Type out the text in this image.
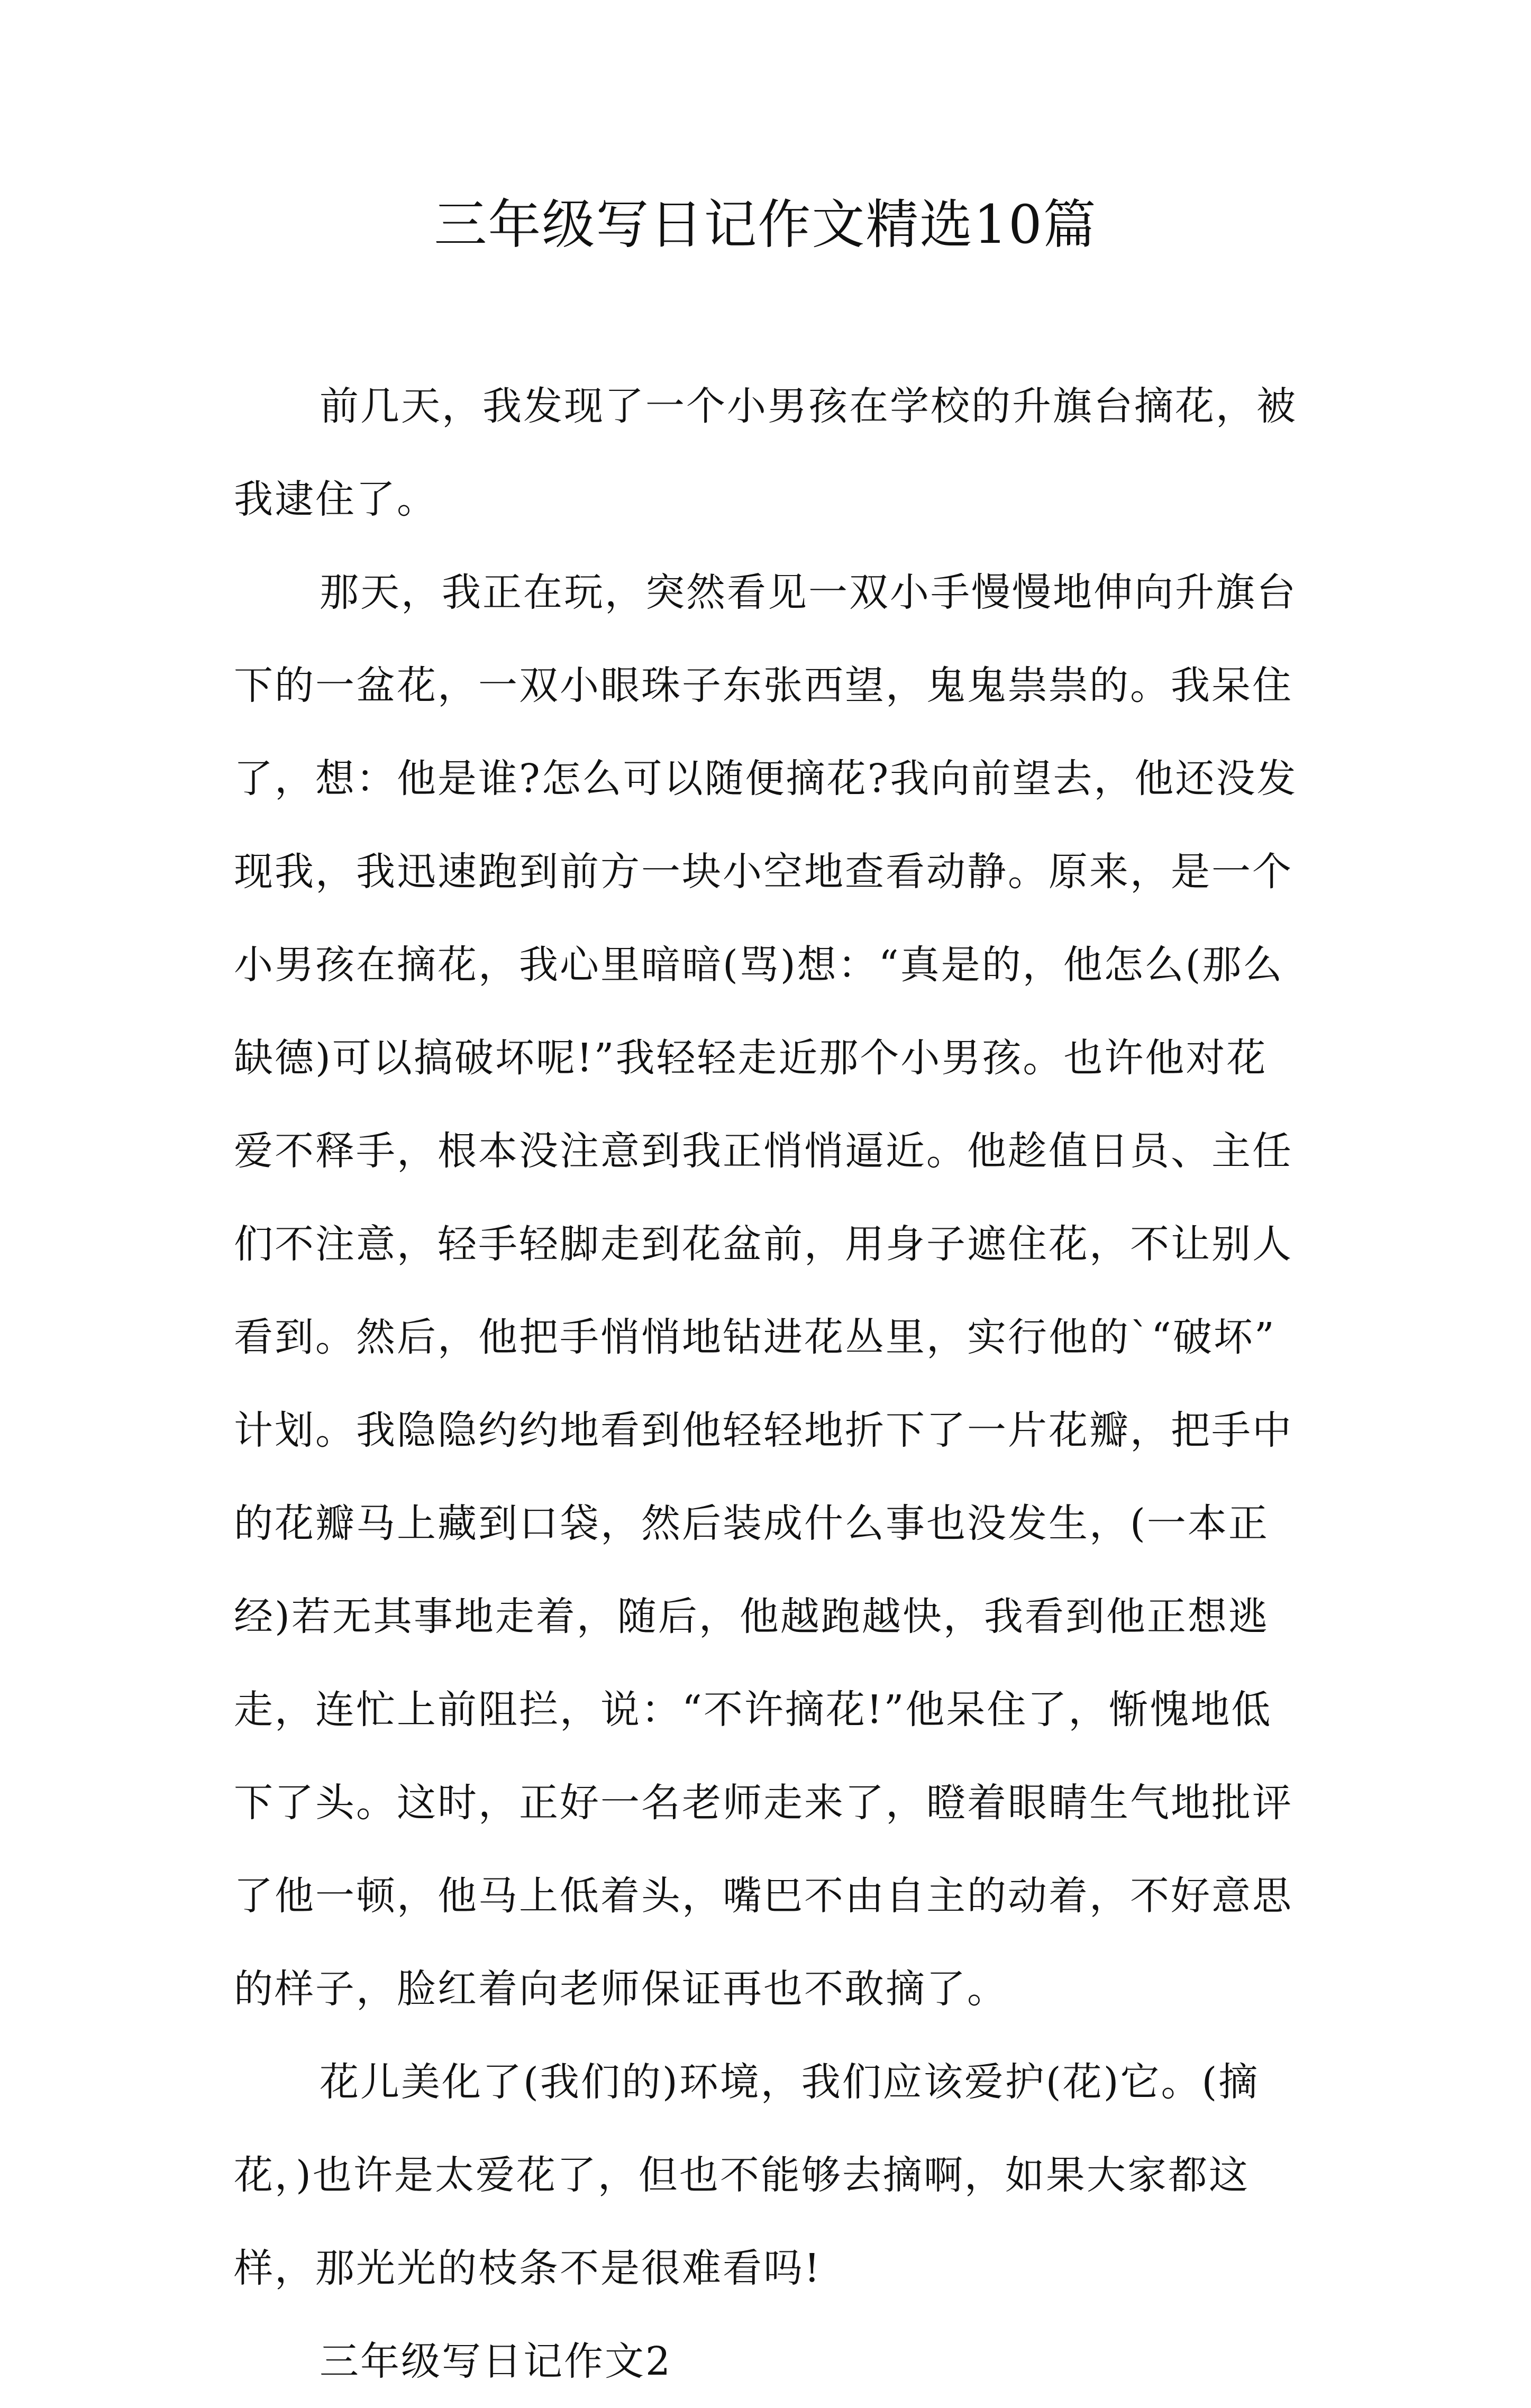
三年级写日记作文精选10篇
前几天，我发现了一个小男孩在学校的升旗台摘花，被
我逮住了。
那天，我正在玩，突然看见一双小手慢慢地伸向升旗台
下的一盆花，一双小眼珠子东张西望，鬼鬼祟祟的。我呆住
了，想：他是谁?怎么可以随便摘花?我向前望去，他还没发
现我，我迅速跑到前方一块小空地查看动静。原来，是一个
小男孩在摘花，我心里暗暗(骂)想：“真是的，他怎么(那么
缺德)可以搞破坏呢!”我轻轻走近那个小男孩。也许他对花
爱不释手，根本没注意到我正悄悄逼近。他趁值日员、主任
们不注意，轻手轻脚走到花盆前，用身子遮住花，不让别人
看到。然后，他把手悄悄地钻进花丛里，实行他的`“破坏”
计划。我隐隐约约地看到他轻轻地折下了一片花瓣，把手中
的花瓣马上藏到口袋，然后装成什么事也没发生，(一本正
经)若无其事地走着，随后，他越跑越快，我看到他正想逃
走，连忙上前阻拦，说：“不许摘花!”他呆住了，惭愧地低
下了头。这时，正好一名老师走来了，瞪着眼睛生气地批评
了他一顿，他马上低着头，嘴巴不由自主的动着，不好意思
的样子，脸红着向老师保证再也不敢摘了。
花儿美化了(我们的)环境，我们应该爱护(花)它。(摘
花，)也许是太爱花了，但也不能够去摘啊，如果大家都这
样，那光光的枝条不是很难看吗!
三年级写日记作文2
